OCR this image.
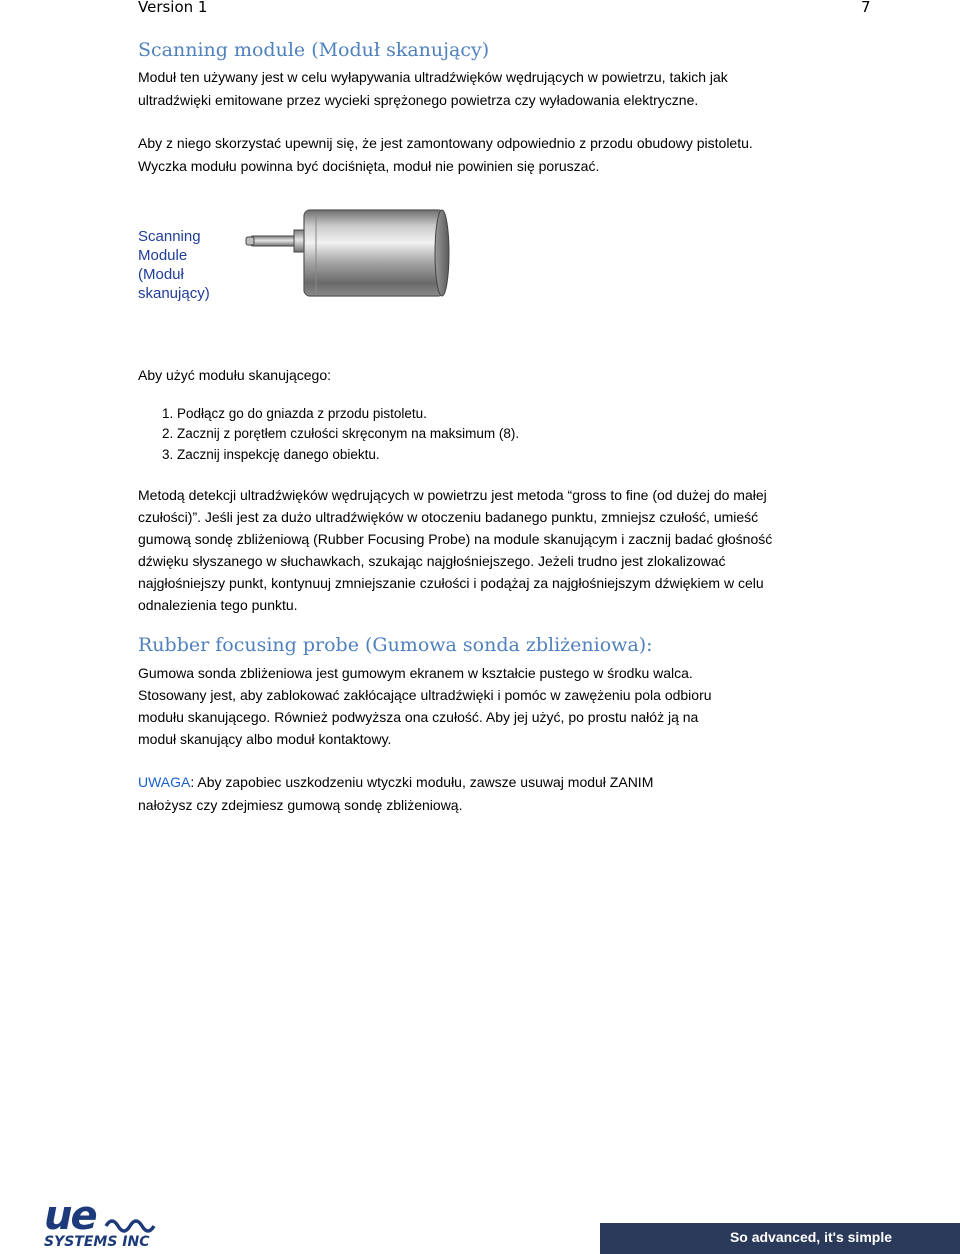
Version 1	7
Scanning module (Moduł skanujący)
Moduł ten używany jest w celu wyłapywania ultradźwięków wędrujących w powietrzu, takich jak
ultradźwięki emitowane przez wycieki sprężonego powietrza czy wyładowania elektryczne.
Aby z niego skorzystać upewnij się, że jest zamontowany odpowiednio z przodu obudowy pistoletu.
Wyczka modułu powinna być dociśnięta, moduł nie powinien się poruszać.
Scanning
Module
(Moduł
skanujący)
Aby użyć modułu skanującego:
1. Podłącz go do gniazda z przodu pistoletu.
2. Zacznij z porętłem czułości skręconym na maksimum (8).
3. Zacznij inspekcję danego obiektu.
Metodą detekcji ultradźwięków wędrujących w powietrzu jest metoda “gross to fine (od dużej do małej
czułości)”. Jeśli jest za dużo ultradźwięków w otoczeniu badanego punktu, zmniejsz czułość, umieść
gumową sondę zbliżeniową (Rubber Focusing Probe) na module skanującym i zacznij badać głośność
dźwięku słyszanego w słuchawkach, szukając najgłośniejszego. Jeżeli trudno jest zlokalizować
najgłośniejszy punkt, kontynuuj zmniejszanie czułości i podążaj za najgłośniejszym dźwiękiem w celu
odnalezienia tego punktu.
Rubber focusing probe (Gumowa sonda zbliżeniowa):
Gumowa sonda zbliżeniowa jest gumowym ekranem w kształcie pustego w środku walca.
Stosowany jest, aby zablokować zakłócające ultradźwięki i pomóc w zawężeniu pola odbioru
modułu skanującego. Również podwyższa ona czułość. Aby jej użyć, po prostu nałóż ją na
moduł skanujący albo moduł kontaktowy.
UWAGA: Aby zapobiec uszkodzeniu wtyczki modułu, zawsze usuwaj moduł ZANIM
nałożysz czy zdejmiesz gumową sondę zbliżeniową.
ue
SYSTEMS INC	So advanced, it's simple
